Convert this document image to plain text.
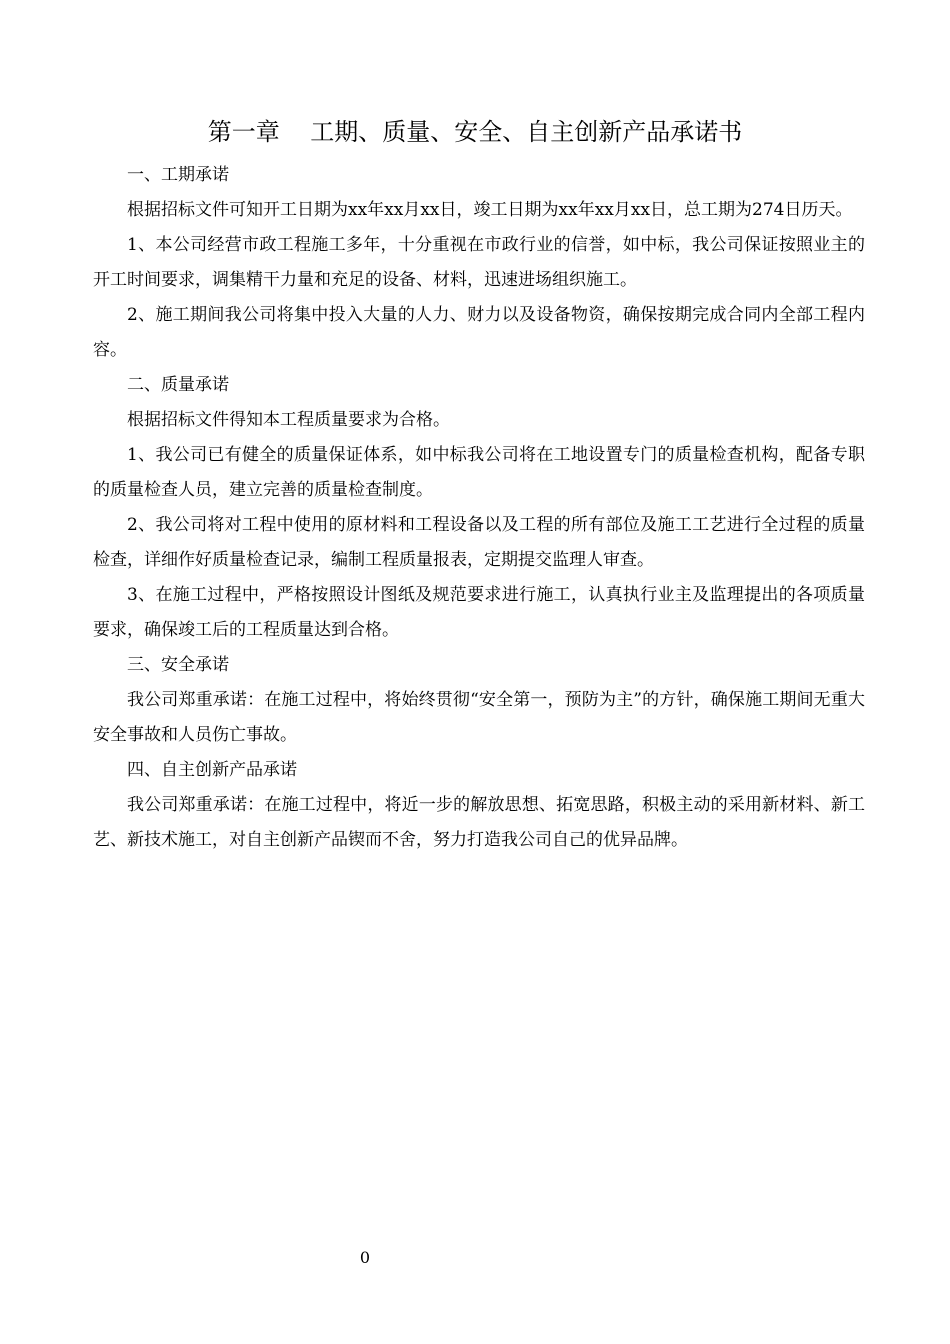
第一章    工期、质量、安全、自主创新产品承诺书

一、工期承诺

根据招标文件可知开工日期为xx年xx月xx日，竣工日期为xx年xx月xx日，总工期为274日历天。

1、本公司经营市政工程施工多年，十分重视在市政行业的信誉，如中标，我公司保证按照业主的开工时间要求，调集精干力量和充足的设备、材料，迅速进场组织施工。

2、施工期间我公司将集中投入大量的人力、财力以及设备物资，确保按期完成合同内全部工程内容。

二、质量承诺

根据招标文件得知本工程质量要求为合格。

1、我公司已有健全的质量保证体系，如中标我公司将在工地设置专门的质量检查机构，配备专职的质量检查人员，建立完善的质量检查制度。

2、我公司将对工程中使用的原材料和工程设备以及工程的所有部位及施工工艺进行全过程的质量检查，详细作好质量检查记录，编制工程质量报表，定期提交监理人审查。

3、在施工过程中，严格按照设计图纸及规范要求进行施工，认真执行业主及监理提出的各项质量要求，确保竣工后的工程质量达到合格。

三、安全承诺

我公司郑重承诺：在施工过程中，将始终贯彻“安全第一，预防为主”的方针，确保施工期间无重大安全事故和人员伤亡事故。

四、自主创新产品承诺

我公司郑重承诺：在施工过程中，将近一步的解放思想、拓宽思路，积极主动的采用新材料、新工艺、新技术施工，对自主创新产品锲而不舍，努力打造我公司自己的优异品牌。

0
